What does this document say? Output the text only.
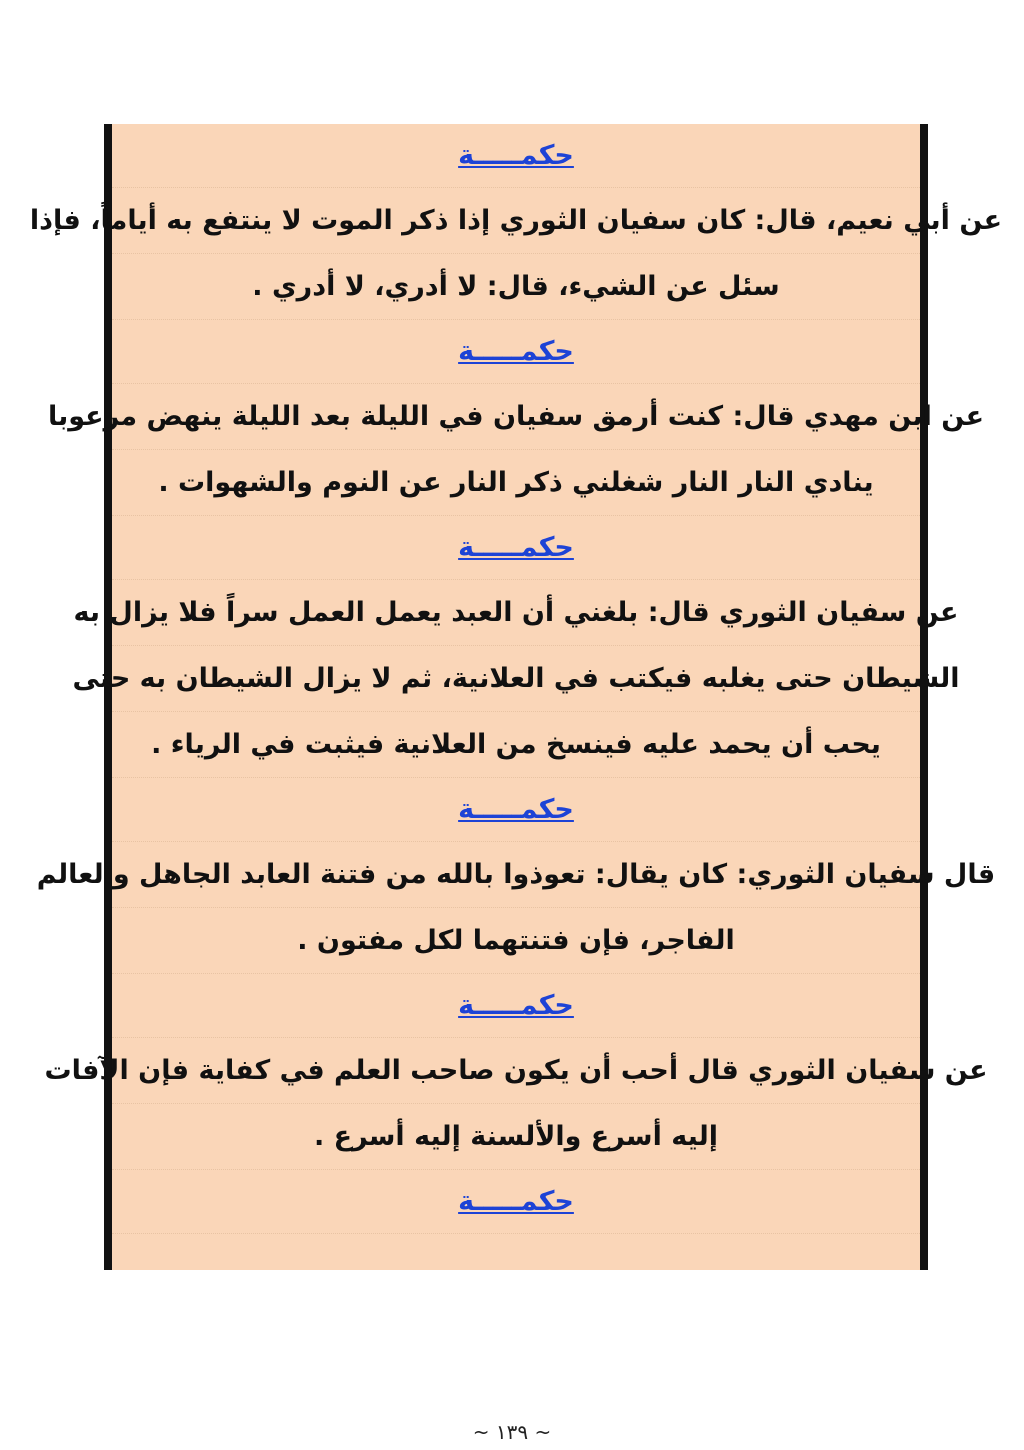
حكمـــــة
عن أبي نعيم، قال: كان سفيان الثوري إذا ذكر الموت لا ينتفع به أياماً، فإذا
سئل عن الشيء، قال: لا أدري، لا أدري .
حكمـــــة
عن ابن مهدي قال: كنت أرمق سفيان في الليلة بعد الليلة ينهض مرعوبا
ينادي النار النار شغلني ذكر النار عن النوم والشهوات .
حكمـــــة
عن سفيان الثوري قال: بلغني أن العبد يعمل العمل سراً فلا يزال به
الشيطان حتى يغلبه فيكتب في العلانية، ثم لا يزال الشيطان به حتى
يحب أن يحمد عليه فينسخ من العلانية فيثبت في الرياء .
حكمـــــة
قال سفيان الثوري: كان يقال: تعوذوا بالله من فتنة العابد الجاهل والعالم
الفاجر، فإن فتنتهما لكل مفتون .
حكمـــــة
عن سفيان الثوري قال أحب أن يكون صاحب العلم في كفاية فإن الآفات
إليه أسرع والألسنة إليه أسرع .
حكمـــــة
~ ١٣٩ ~
